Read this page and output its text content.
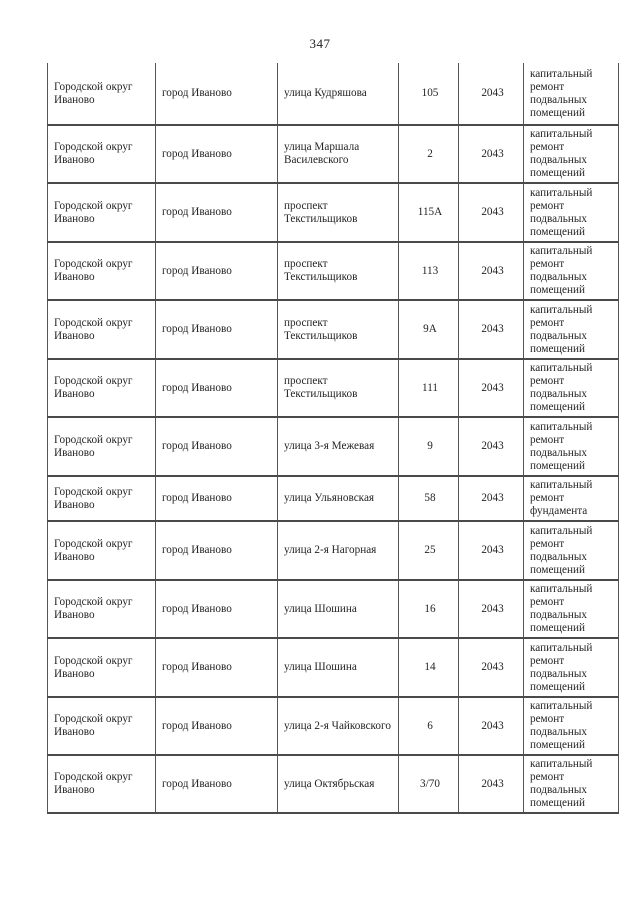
347
Городской округ Иваново	город Иваново	улица Кудряшова	105	2043	капитальный ремонт подвальных помещений
Городской округ Иваново	город Иваново	улица Маршала Василевского	2	2043	капитальный ремонт подвальных помещений
Городской округ Иваново	город Иваново	проспект Текстильщиков	115А	2043	капитальный ремонт подвальных помещений
Городской округ Иваново	город Иваново	проспект Текстильщиков	113	2043	капитальный ремонт подвальных помещений
Городской округ Иваново	город Иваново	проспект Текстильщиков	9А	2043	капитальный ремонт подвальных помещений
Городской округ Иваново	город Иваново	проспект Текстильщиков	111	2043	капитальный ремонт подвальных помещений
Городской округ Иваново	город Иваново	улица 3-я Межевая	9	2043	капитальный ремонт подвальных помещений
Городской округ Иваново	город Иваново	улица Ульяновская	58	2043	капитальный ремонт фундамента
Городской округ Иваново	город Иваново	улица 2-я Нагорная	25	2043	капитальный ремонт подвальных помещений
Городской округ Иваново	город Иваново	улица Шошина	16	2043	капитальный ремонт подвальных помещений
Городской округ Иваново	город Иваново	улица Шошина	14	2043	капитальный ремонт подвальных помещений
Городской округ Иваново	город Иваново	улица 2-я Чайковского	6	2043	капитальный ремонт подвальных помещений
Городской округ Иваново	город Иваново	улица Октябрьская	3/70	2043	капитальный ремонт подвальных помещений
